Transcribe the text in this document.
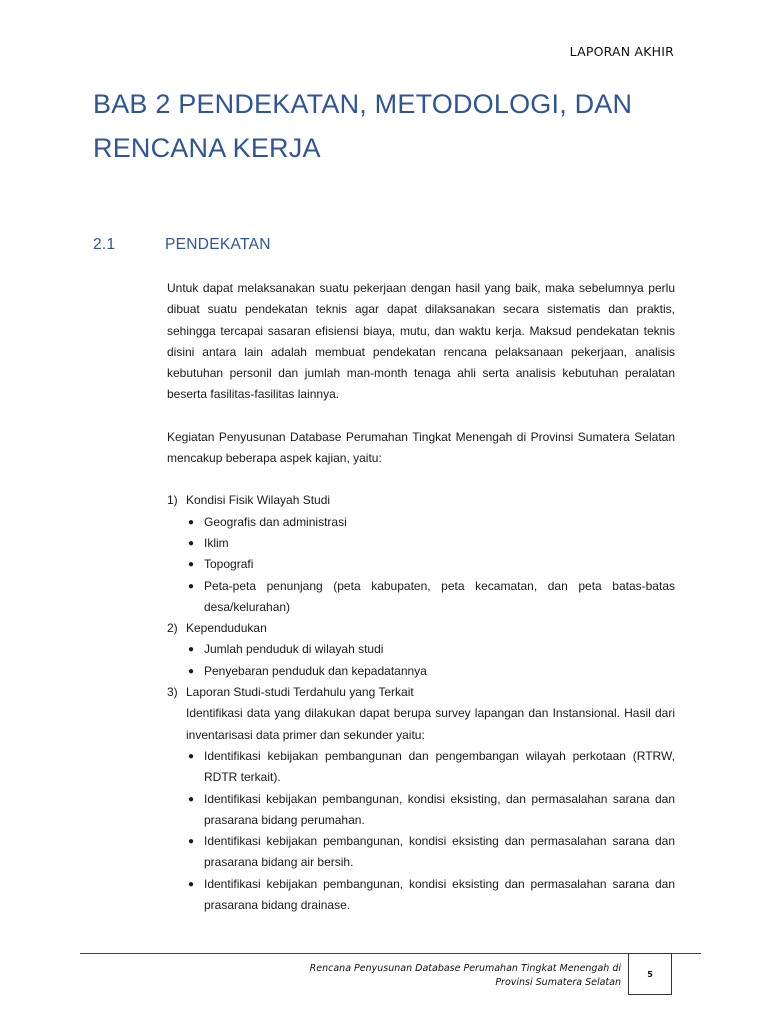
LAPORAN AKHIR
BAB 2 PENDEKATAN, METODOLOGI, DAN
RENCANA KERJA
2.1	PENDEKATAN

Untuk dapat melaksanakan suatu pekerjaan dengan hasil yang baik, maka sebelumnya perlu dibuat suatu pendekatan teknis agar dapat dilaksanakan secara sistematis dan praktis, sehingga tercapai sasaran efisiensi biaya, mutu, dan waktu kerja. Maksud pendekatan teknis disini antara lain adalah membuat pendekatan rencana pelaksanaan pekerjaan, analisis kebutuhan personil dan jumlah man-month tenaga ahli serta analisis kebutuhan peralatan beserta fasilitas-fasilitas lainnya.

Kegiatan Penyusunan Database Perumahan Tingkat Menengah di Provinsi Sumatera Selatan mencakup beberapa aspek kajian, yaitu:

1) Kondisi Fisik Wilayah Studi
● Geografis dan administrasi
● Iklim
● Topografi
● Peta-peta penunjang (peta kabupaten, peta kecamatan, dan peta batas-batas desa/kelurahan)
2) Kependudukan
● Jumlah penduduk di wilayah studi
● Penyebaran penduduk dan kepadatannya
3) Laporan Studi-studi Terdahulu yang Terkait
Identifikasi data yang dilakukan dapat berupa survey lapangan dan Instansional. Hasil dari inventarisasi data primer dan sekunder yaitu:
● Identifikasi kebijakan pembangunan dan pengembangan wilayah perkotaan (RTRW, RDTR terkait).
● Identifikasi kebijakan pembangunan, kondisi eksisting, dan permasalahan sarana dan prasarana bidang perumahan.
● Identifikasi kebijakan pembangunan, kondisi eksisting dan permasalahan sarana dan prasarana bidang air bersih.
● Identifikasi kebijakan pembangunan, kondisi eksisting dan permasalahan sarana dan prasarana bidang drainase.
Rencana Penyusunan Database Perumahan Tingkat Menengah di
Provinsi Sumatera Selatan
5
